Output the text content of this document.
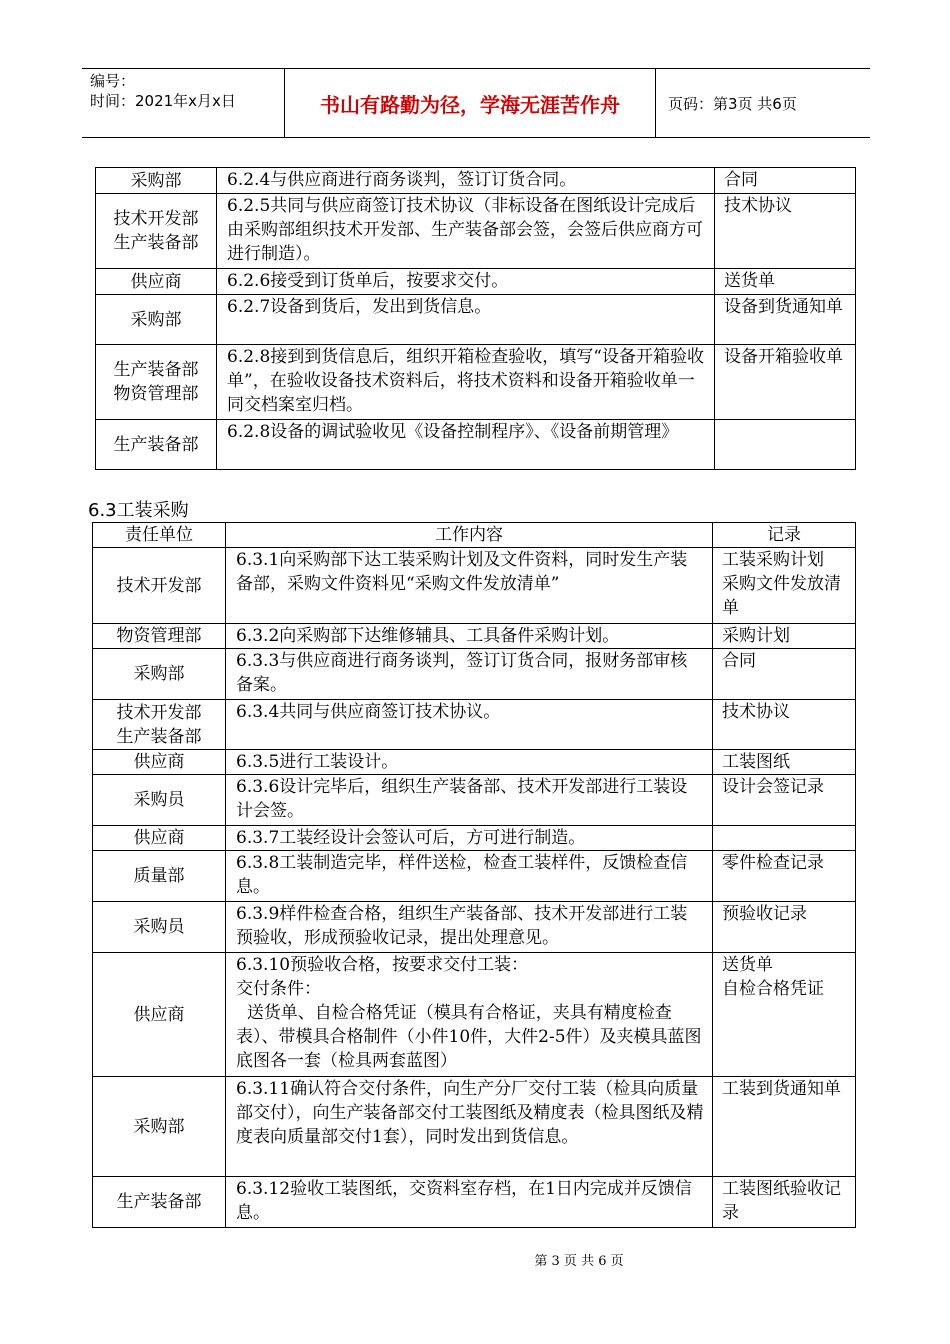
编号：
时间：2021年x月x日	书山有路勤为径，学海无涯苦作舟	页码：第3页 共6页
采购部	6.2.4与供应商进行商务谈判，签订订货合同。	合同
技术开发部
生产装备部	6.2.5共同与供应商签订技术协议（非标设备在图纸设计完成后由采购部组织技术开发部、生产装备部会签，会签后供应商方可进行制造）。	技术协议
供应商	6.2.6接受到订货单后，按要求交付。	送货单
采购部	6.2.7设备到货后，发出到货信息。	设备到货通知单
生产装备部
物资管理部	6.2.8接到到货信息后，组织开箱检查验收，填写“设备开箱验收单”，在验收设备技术资料后，将技术资料和设备开箱验收单一同交档案室归档。	设备开箱验收单
生产装备部	6.2.8设备的调试验收见《设备控制程序》、《设备前期管理》	
6.3工装采购
责任单位	工作内容	记录
技术开发部	6.3.1向采购部下达工装采购计划及文件资料，同时发生产装备部，采购文件资料见“采购文件发放清单”	工装采购计划
采购文件发放清单
物资管理部	6.3.2向采购部下达维修辅具、工具备件采购计划。	采购计划
采购部	6.3.3与供应商进行商务谈判，签订订货合同，报财务部审核备案。	合同
技术开发部
生产装备部	6.3.4共同与供应商签订技术协议。	技术协议
供应商	6.3.5进行工装设计。	工装图纸
采购员	6.3.6设计完毕后，组织生产装备部、技术开发部进行工装设计会签。	设计会签记录
供应商	6.3.7工装经设计会签认可后，方可进行制造。	
质量部	6.3.8工装制造完毕，样件送检，检查工装样件，反馈检查信息。	零件检查记录
采购员	6.3.9样件检查合格，组织生产装备部、技术开发部进行工装预验收，形成预验收记录，提出处理意见。	预验收记录
供应商	6.3.10预验收合格，按要求交付工装：
交付条件：
送货单、自检合格凭证（模具有合格证，夹具有精度检查表）、带模具合格制件（小件10件，大件2-5件）及夹模具蓝图底图各一套（检具两套蓝图）	送货单
自检合格凭证
采购部	6.3.11确认符合交付条件，向生产分厂交付工装（检具向质量部交付），向生产装备部交付工装图纸及精度表（检具图纸及精度表向质量部交付1套），同时发出到货信息。	工装到货通知单
生产装备部	6.3.12验收工装图纸，交资料室存档，在1日内完成并反馈信息。	工装图纸验收记录
第 3 页 共 6 页
